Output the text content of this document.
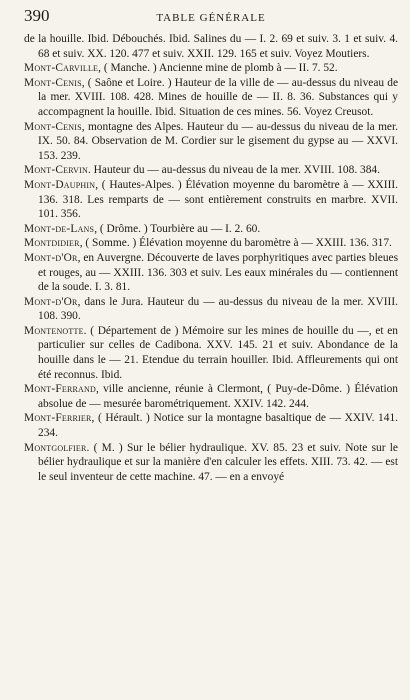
390	TABLE GÉNÉRALE

de la houille. Ibid. Débouchés. Ibid. Salines du — I. 2. 69 et suiv. 3. 1 et suiv. 4. 68 et suiv. XX. 120. 477 et suiv. XXII. 129. 165 et suiv. Voyez Moutiers.

Mont-Carville, ( Manche. ) Ancienne mine de plomb à — II. 7. 52.

Mont-Cenis, ( Saône et Loire. ) Hauteur de la ville de — au-dessus du niveau de la mer. XVIII. 108. 428. Mines de houille de — II. 8. 36. Substances qui y accompagnent la houille. Ibid. Situation de ces mines. 56. Voyez Creusot.

Mont-Cenis, montagne des Alpes. Hauteur du — au-dessus du niveau de la mer. IX. 50. 84. Observation de M. Cordier sur le gisement du gypse au — XXVI. 153. 239.

Mont-Cervin. Hauteur du — au-dessus du niveau de la mer. XVIII. 108. 384.

Mont-Dauphin, ( Hautes-Alpes. ) Élévation moyenne du baromètre à — XXIII. 136. 318. Les remparts de — sont entièrement construits en marbre. XVII. 101. 356.

Mont-de-Lans, ( Drôme. ) Tourbière au — I. 2. 60.

Montdidier, ( Somme. ) Élévation moyenne du baromètre à — XXIII. 136. 317.

Mont-d'Or, en Auvergne. Découverte de laves porphyritiques avec parties bleues et rouges, au — XXIII. 136. 303 et suiv. Les eaux minérales du — contiennent de la soude. I. 3. 81.

Mont-d'Or, dans le Jura. Hauteur du — au-dessus du niveau de la mer. XVIII. 108. 390.

Montenotte. ( Département de ) Mémoire sur les mines de houille du —, et en particulier sur celles de Cadibona. XXV. 145. 21 et suiv. Abondance de la houille dans le — 21. Etendue du terrain houiller. Ibid. Affleurements qui ont été reconnus. Ibid.

Mont-Ferrand, ville ancienne, réunie à Clermont, ( Puy-de-Dôme. ) Élévation absolue de — mesurée barométriquement. XXIV. 142. 244.

Mont-Ferrier, ( Hérault. ) Notice sur la montagne basaltique de — XXIV. 141. 234.

Montgolfier. ( M. ) Sur le bélier hydraulique. XV. 85. 23 et suiv. Note sur le bélier hydraulique et sur la manière d'en calculer les effets. XIII. 73. 42. — est le seul inventeur de cette machine. 47. — en a envoyé
